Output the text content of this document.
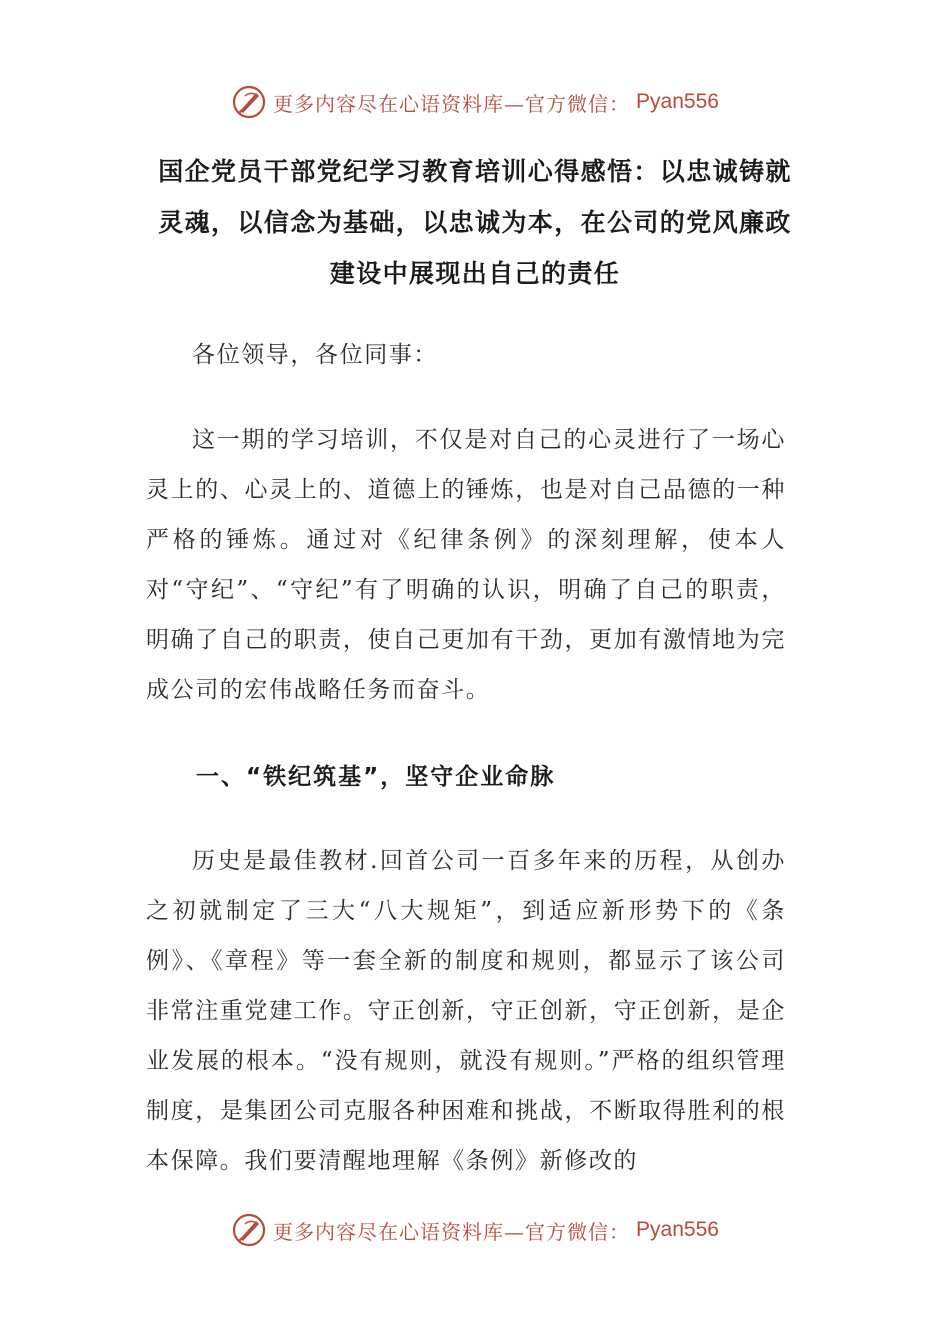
更多内容尽在心语资料库—官方微信： Pyan556
国企党员干部党纪学习教育培训心得感悟：以忠诚铸就灵魂，以信念为基础，以忠诚为本，在公司的党风廉政建设中展现出自己的责任

各位领导，各位同事：

这一期的学习培训，不仅是对自己的心灵进行了一场心灵上的、心灵上的、道德上的锤炼，也是对自己品德的一种严格的锤炼。通过对《纪律条例》的深刻理解，使本人对“守纪”、“守纪”有了明确的认识，明确了自己的职责，明确了自己的职责，使自己更加有干劲，更加有激情地为完成公司的宏伟战略任务而奋斗。

一、“铁纪筑基”，坚守企业命脉

历史是最佳教材.回首公司一百多年来的历程，从创办之初就制定了三大“八大规矩”，到适应新形势下的《条例》、《章程》等一套全新的制度和规则，都显示了该公司非常注重党建工作。守正创新，守正创新，守正创新，是企业发展的根本。“没有规则，就没有规则。”严格的组织管理制度，是集团公司克服各种困难和挑战，不断取得胜利的根本保障。我们要清醒地理解《条例》新修改的

更多内容尽在心语资料库—官方微信： Pyan556
